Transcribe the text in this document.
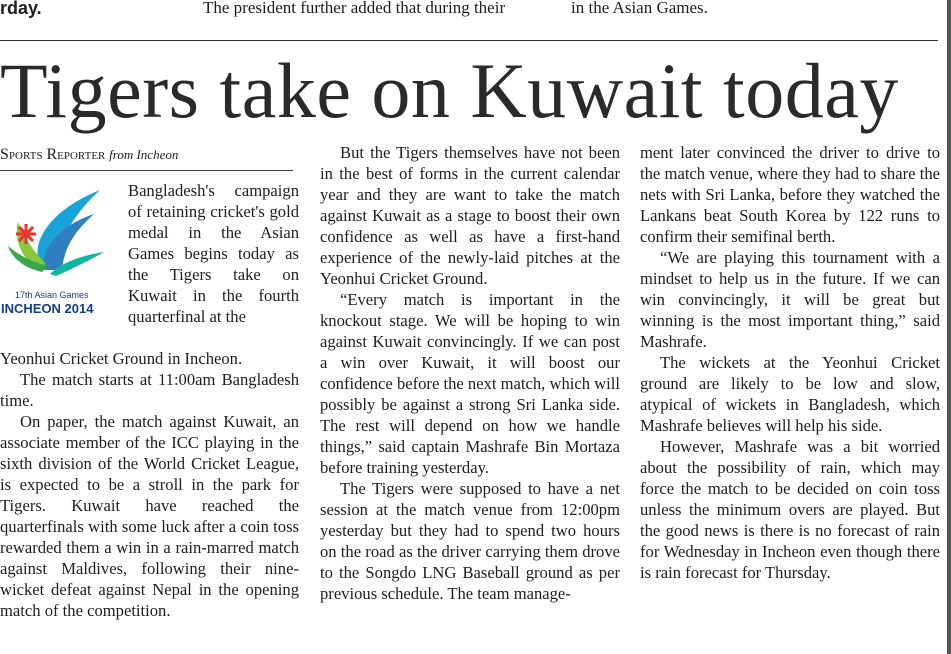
rday.	The president further added that during their	in the Asian Games.
Tigers take on Kuwait today
Sports Reporter from Incheon
17th Asian Games
INCHEON 2014

Bangladesh's campaign of retaining cricket's gold medal in the Asian Games begins today as the Tigers take on Kuwait in the fourth quarterfinal at the

Yeonhui Cricket Ground in Incheon.

The match starts at 11:00am Bangladesh time.

On paper, the match against Kuwait, an associate member of the ICC playing in the sixth division of the World Cricket League, is expected to be a stroll in the park for Tigers. Kuwait have reached the quarterfinals with some luck after a coin toss rewarded them a win in a rain-marred match against Maldives, following their nine-wicket defeat against Nepal in the opening match of the competition.

But the Tigers themselves have not been in the best of forms in the current calendar year and they are want to take the match against Kuwait as a stage to boost their own confidence as well as have a first-hand experience of the newly-laid pitches at the Yeonhui Cricket Ground.

“Every match is important in the knockout stage. We will be hoping to win against Kuwait convincingly. If we can post a win over Kuwait, it will boost our confidence before the next match, which will possibly be against a strong Sri Lanka side. The rest will depend on how we handle things,” said captain Mashrafe Bin Mortaza before training yesterday.

The Tigers were supposed to have a net session at the match venue from 12:00pm yesterday but they had to spend two hours on the road as the driver carrying them drove to the Songdo LNG Baseball ground as per previous schedule. The team manage-

ment later convinced the driver to drive to the match venue, where they had to share the nets with Sri Lanka, before they watched the Lankans beat South Korea by 122 runs to confirm their semifinal berth.

“We are playing this tournament with a mindset to help us in the future. If we can win convincingly, it will be great but winning is the most important thing,” said Mashrafe.

The wickets at the Yeonhui Cricket ground are likely to be low and slow, atypical of wickets in Bangladesh, which Mashrafe believes will help his side.

However, Mashrafe was a bit worried about the possibility of rain, which may force the match to be decided on coin toss unless the minimum overs are played. But the good news is there is no forecast of rain for Wednesday in Incheon even though there is rain forecast for Thursday.
